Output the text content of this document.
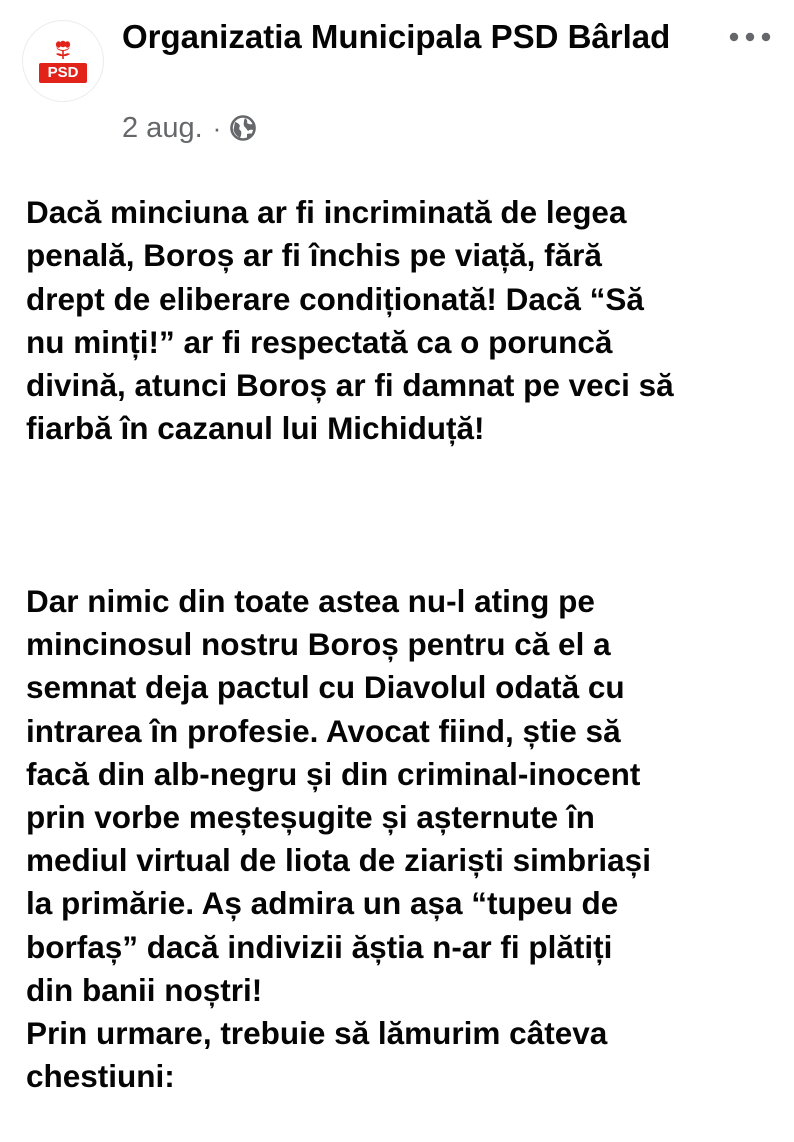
PSD
Organizatia Municipala PSD Bârlad
2 aug. ·

Dacă minciuna ar fi incriminată de legea
penală, Boroș ar fi închis pe viață, fără
drept de eliberare condiționată! Dacă “Să
nu minți!” ar fi respectată ca o poruncă
divină, atunci Boroș ar fi damnat pe veci să
fiarbă în cazanul lui Michiduță!

Dar nimic din toate astea nu-l ating pe
mincinosul nostru Boroș pentru că el a
semnat deja pactul cu Diavolul odată cu
intrarea în profesie. Avocat fiind, știe să
facă din alb-negru și din criminal-inocent
prin vorbe meșteșugite și așternute în
mediul virtual de liota de ziariști simbriași
la primărie. Aș admira un așa “tupeu de
borfaș” dacă indivizii ăștia n-ar fi plătiți
din banii noștri!
Prin urmare, trebuie să lămurim câteva
chestiuni:
